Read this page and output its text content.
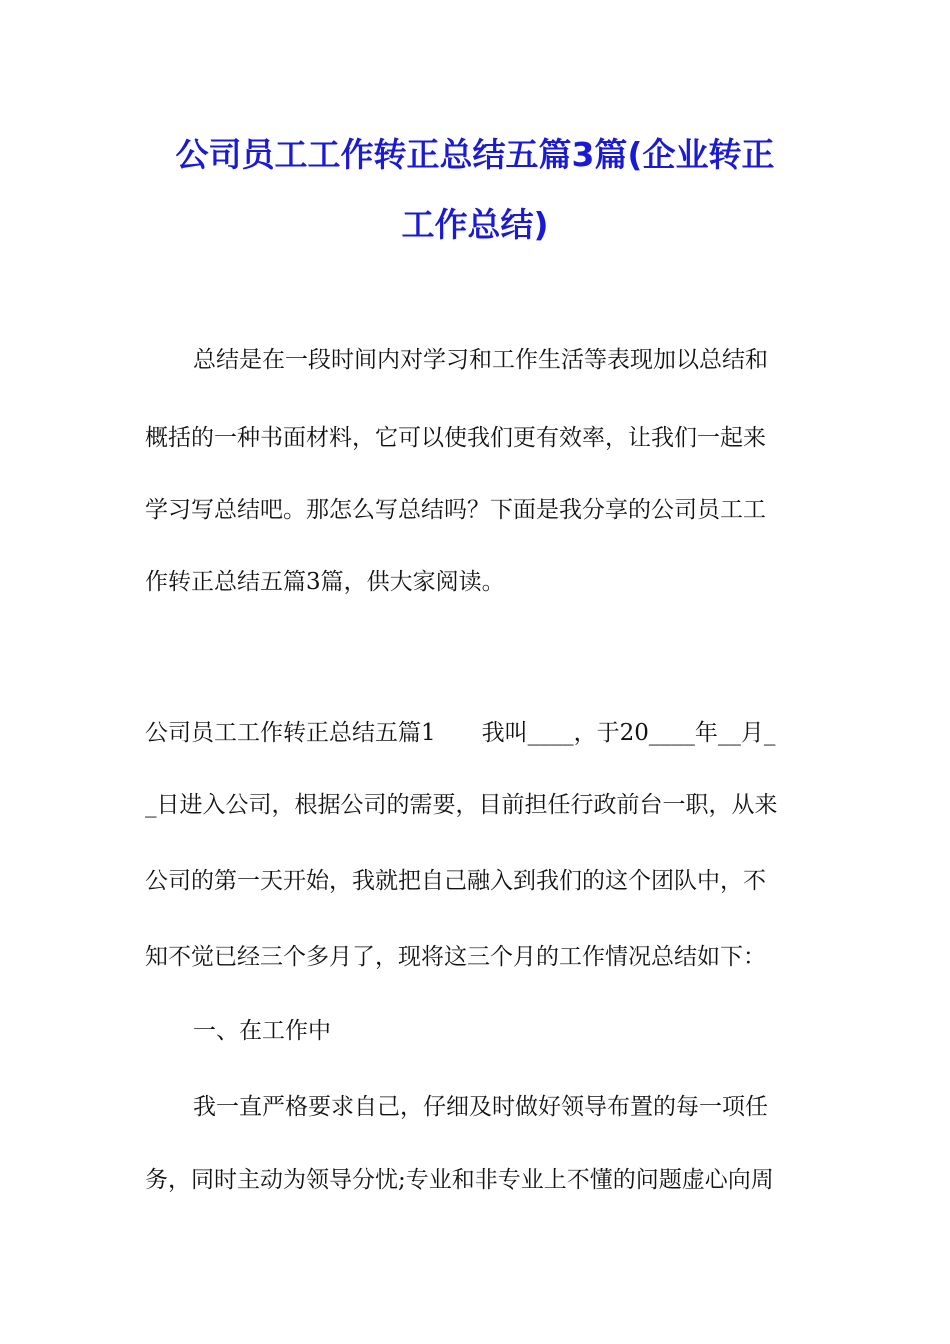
公司员工工作转正总结五篇3篇(企业转正
工作总结)
总结是在一段时间内对学习和工作生活等表现加以总结和
概括的一种书面材料，它可以使我们更有效率，让我们一起来
学习写总结吧。那怎么写总结吗？下面是我分享的公司员工工
作转正总结五篇3篇，供大家阅读。
公司员工工作转正总结五篇1　　我叫____，于20____年__月_
_日进入公司，根据公司的需要，目前担任行政前台一职，从来
公司的第一天开始，我就把自己融入到我们的这个团队中，不
知不觉已经三个多月了，现将这三个月的工作情况总结如下：
一、在工作中
我一直严格要求自己，仔细及时做好领导布置的每一项任
务，同时主动为领导分忧;专业和非专业上不懂的问题虚心向周
